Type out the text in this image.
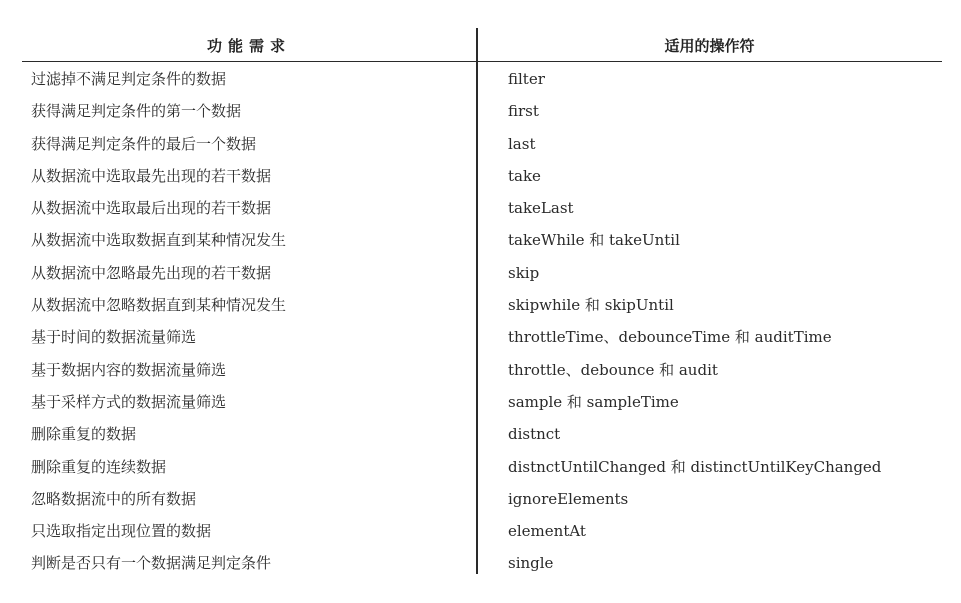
功能需求	适用的操作符
过滤掉不满足判定条件的数据	filter
获得满足判定条件的第一个数据	first
获得满足判定条件的最后一个数据	last
从数据流中选取最先出现的若干数据	take
从数据流中选取最后出现的若干数据	takeLast
从数据流中选取数据直到某种情况发生	takeWhile 和 takeUntil
从数据流中忽略最先出现的若干数据	skip
从数据流中忽略数据直到某种情况发生	skipwhile 和 skipUntil
基于时间的数据流量筛选	throttleTime、debounceTime 和 auditTime
基于数据内容的数据流量筛选	throttle、debounce 和 audit
基于采样方式的数据流量筛选	sample 和 sampleTime
删除重复的数据	distnct
删除重复的连续数据	distnctUntilChanged 和 distinctUntilKeyChanged
忽略数据流中的所有数据	ignoreElements
只选取指定出现位置的数据	elementAt
判断是否只有一个数据满足判定条件	single
